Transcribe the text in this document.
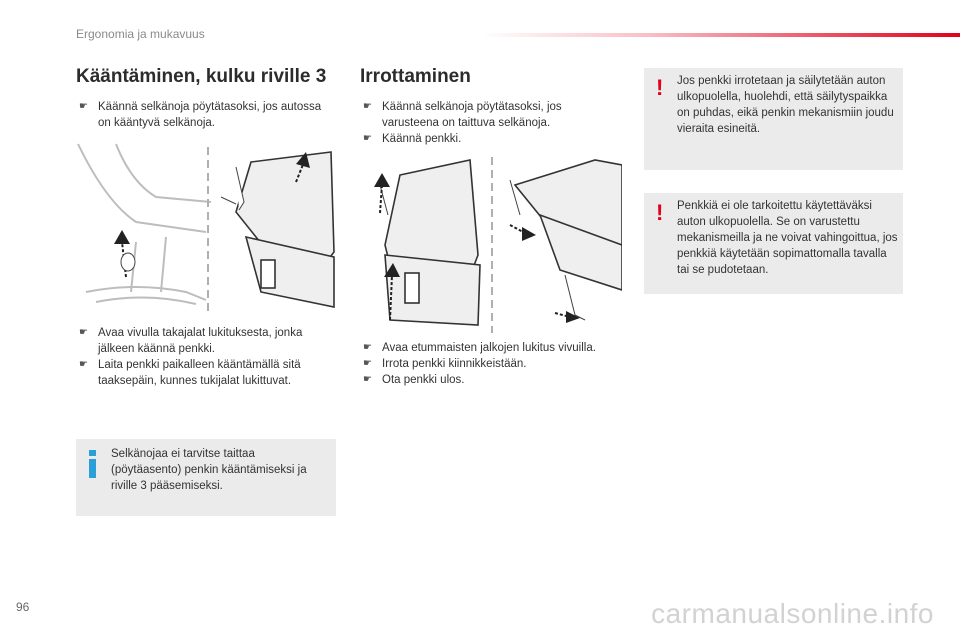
Ergonomia ja mukavuus
Kääntäminen, kulku riville 3
☛ Käännä selkänoja pöytätasoksi, jos autossa on kääntyvä selkänoja.
☛ Avaa vivulla takajalat lukituksesta, jonka jälkeen käännä penkki.
☛ Laita penkki paikalleen kääntämällä sitä taaksepäin, kunnes tukijalat lukittuvat.

Selkänojaa ei tarvitse taittaa (pöytäasento) penkin kääntämiseksi ja riville 3 pääsemiseksi.

Irrottaminen
☛ Käännä selkänoja pöytätasoksi, jos varusteena on taittuva selkänoja.
☛ Käännä penkki.
☛ Avaa etummaisten jalkojen lukitus vivuilla.
☛ Irrota penkki kiinnikkeistään.
☛ Ota penkki ulos.
! Jos penkki irrotetaan ja säilytetään auton ulkopuolella, huolehdi, että säilytyspaikka on puhdas, eikä penkin mekanismiin joudu vieraita esineitä.

! Penkkiä ei ole tarkoitettu käytettäväksi auton ulkopuolella. Se on varustettu mekanismeilla ja ne voivat vahingoittua, jos penkkiä käytetään sopimattomalla tavalla tai se pudotetaan.

96	carmanualsonline.info
